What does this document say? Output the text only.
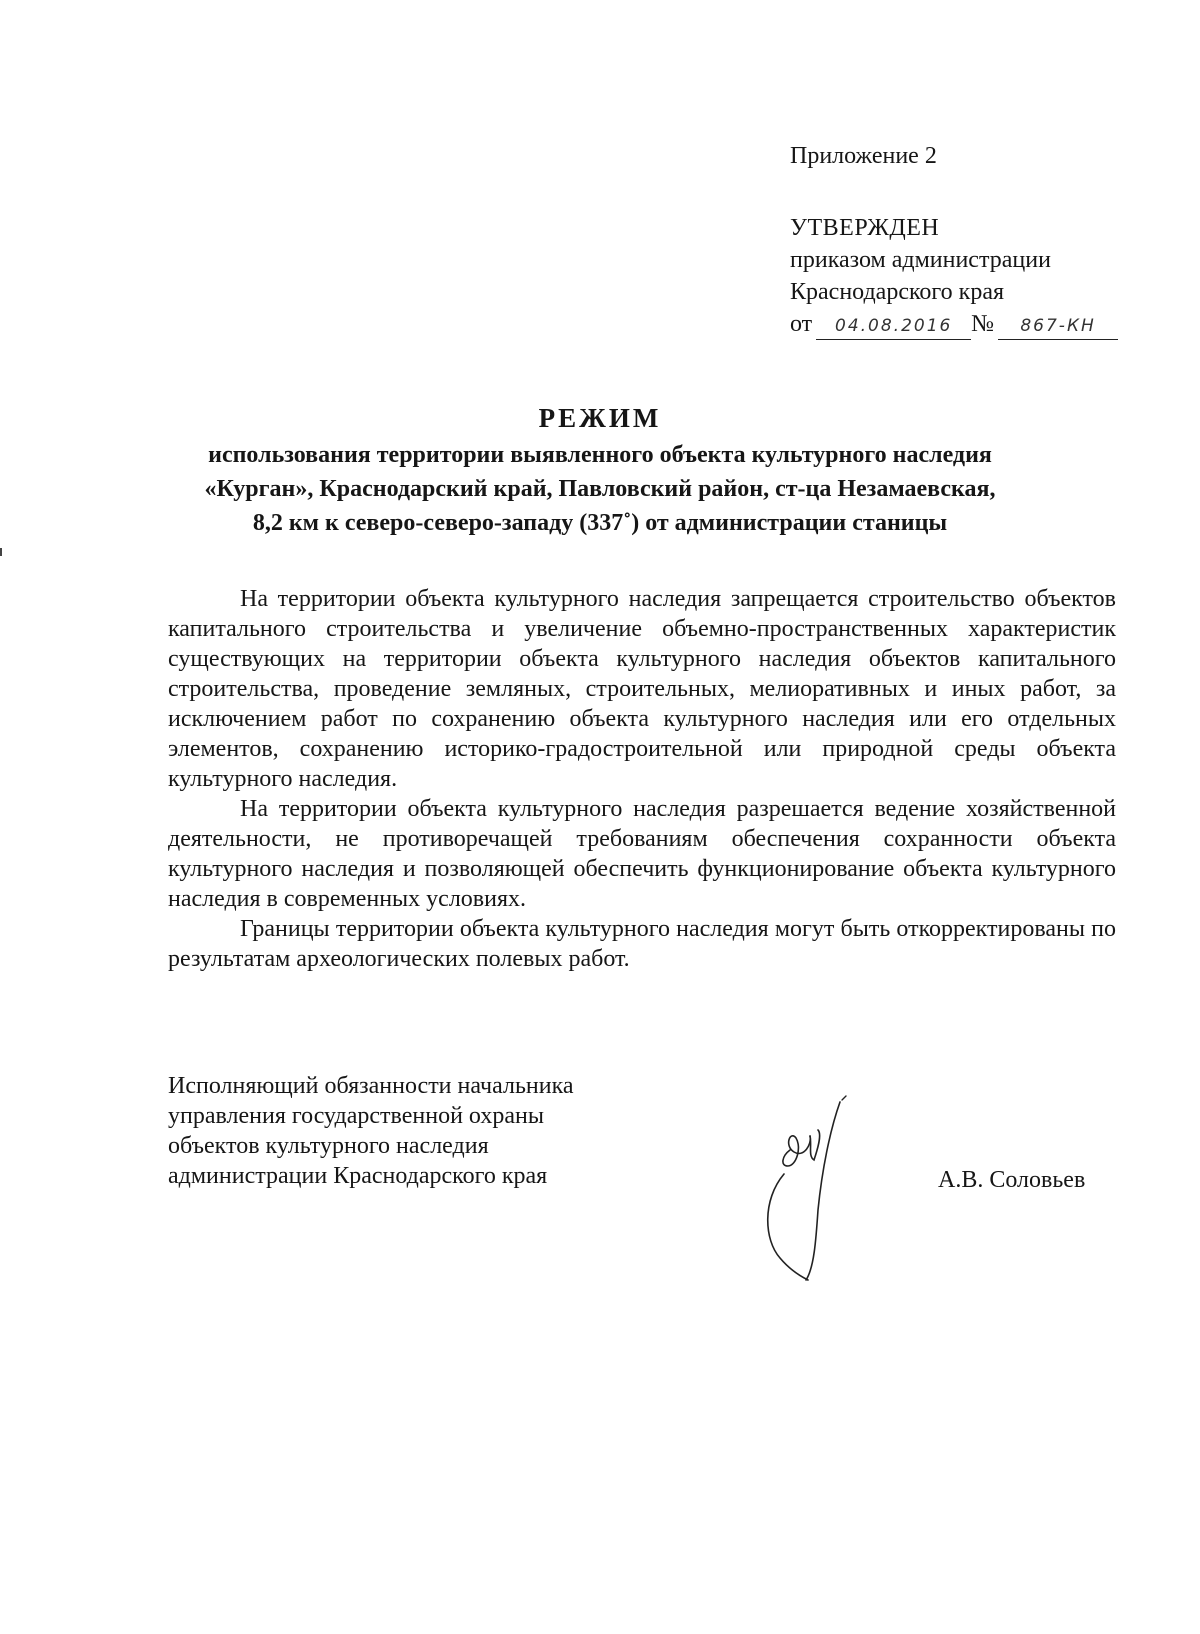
Приложение 2
УТВЕРЖДЕН
приказом администрации
Краснодарского края
от 04.08.2016 № 867-КН
РЕЖИМ
использования территории выявленного объекта культурного наследия
«Курган», Краснодарский край, Павловский район, ст-ца Незамаевская,
8,2 км к северо-северо-западу (337˚) от администрации станицы

На территории объекта культурного наследия запрещается строительство объектов капитального строительства и увеличение объемно-пространственных характеристик существующих на территории объекта культурного наследия объектов капитального строительства, проведение земляных, строительных, мелиоративных и иных работ, за исключением работ по сохранению объекта культурного наследия или его отдельных элементов, сохранению историко-градостроительной или природной среды объекта культурного наследия.

На территории объекта культурного наследия разрешается ведение хозяйственной деятельности, не противоречащей требованиям обеспечения сохранности объекта культурного наследия и позволяющей обеспечить функционирование объекта культурного наследия в современных условиях.

Границы территории объекта культурного наследия могут быть откорректированы по результатам археологических полевых работ.

Исполняющий обязанности начальника
управления государственной охраны
объектов культурного наследия
администрации Краснодарского края	А.В. Соловьев
